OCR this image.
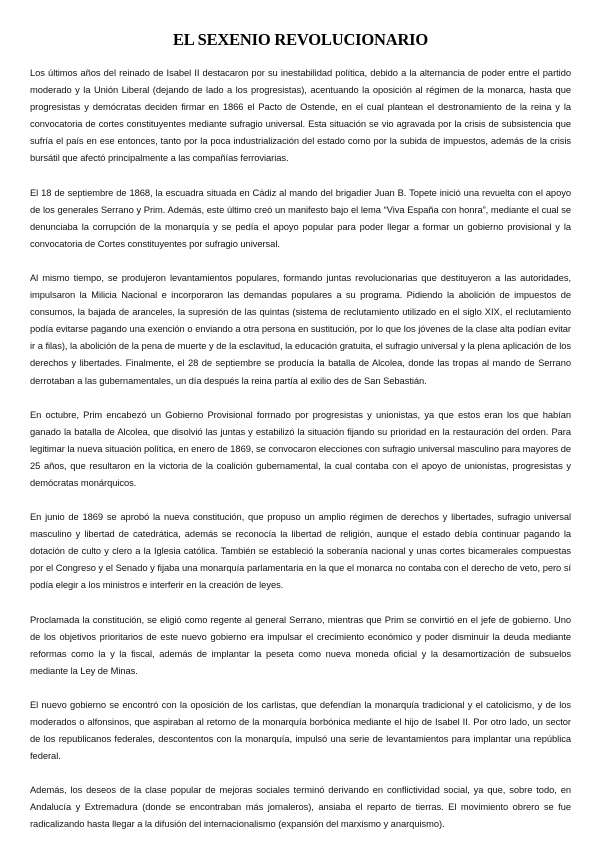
EL SEXENIO REVOLUCIONARIO

Los últimos años del reinado de Isabel II destacaron por su inestabilidad política, debido a la alternancia de poder entre el partido moderado y la Unión Liberal (dejando de lado a los progresistas), acentuando la oposición al régimen de la monarca, hasta que progresistas y demócratas deciden firmar en 1866 el Pacto de Ostende, en el cual plantean el destronamiento de la reina y la convocatoria de cortes constituyentes mediante sufragio universal. Esta situación se vio agravada por la crisis de subsistencia que sufría el país en ese entonces, tanto por la poca industrialización del estado como por la subida de impuestos, además de la crisis bursátil que afectó principalmente a las compañías ferroviarias.

El 18 de septiembre de 1868, la escuadra situada en Cádiz al mando del brigadier Juan B. Topete inició una revuelta con el apoyo de los generales Serrano y Prim. Además, este último creó un manifesto bajo el lema “Viva España con honra”, mediante el cual se denunciaba la corrupción de la monarquía y se pedía el apoyo popular para poder llegar a formar un gobierno provisional y la convocatoria de Cortes constituyentes por sufragio universal.

Al mismo tiempo, se produjeron levantamientos populares, formando juntas revolucionarias que destituyeron a las autoridades, impulsaron la Milicia Nacional e incorporaron las demandas populares a su programa. Pidiendo la abolición de impuestos de consumos, la bajada de aranceles, la supresión de las quintas (sistema de reclutamiento utilizado en el siglo XIX, el reclutamiento podía evitarse pagando una exención o enviando a otra persona en sustitución, por lo que los jóvenes de la clase alta podían evitar ir a filas), la abolición de la pena de muerte y de la esclavitud, la educación gratuita, el sufragio universal y la plena aplicación de los derechos y libertades. Finalmente, el 28 de septiembre se producía la batalla de Alcolea, donde las tropas al mando de Serrano derrotaban a las gubernamentales, un día después la reina partía al exilio des de San Sebastián.

En octubre, Prim encabezó un Gobierno Provisional formado por progresistas y unionistas, ya que estos eran los que habían ganado la batalla de Alcolea, que disolvió las juntas y estabilizó la situación fijando su prioridad en la restauración del orden. Para legitimar la nueva situación política, en enero de 1869, se convocaron elecciones con sufragio universal masculino para mayores de 25 años, que resultaron en la victoria de la coalición gubernamental, la cual contaba con el apoyo de unionistas, progresistas y demócratas monárquicos.

En junio de 1869 se aprobó la nueva constitución, que propuso un amplio régimen de derechos y libertades, sufragio universal masculino y libertad de catedrática, además se reconocía la libertad de religión, aunque el estado debía continuar pagando la dotación de culto y clero a la Iglesia católica. También se estableció la soberanía nacional y unas cortes bicamerales compuestas por el Congreso y el Senado y fijaba una monarquía parlamentaria en la que el monarca no contaba con el derecho de veto, pero sí podía elegir a los ministros e interferir en la creación de leyes.

Proclamada la constitución, se eligió como regente al general Serrano, mientras que Prim se convirtió en el jefe de gobierno. Uno de los objetivos prioritarios de este nuevo gobierno era impulsar el crecimiento económico y poder disminuir la deuda mediante reformas como la y la fiscal, además de implantar la peseta como nueva moneda oficial y la desamortización de subsuelos mediante la Ley de Minas.

El nuevo gobierno se encontró con la oposición de los carlistas, que defendían la monarquía tradicional y el catolicismo, y de los moderados o alfonsinos, que aspiraban al retorno de la monarquía borbónica mediante el hijo de Isabel II. Por otro lado, un sector de los republicanos federales, descontentos con la monarquía, impulsó una serie de levantamientos para implantar una república federal.

Además, los deseos de la clase popular de mejoras sociales terminó derivando en conflictividad social, ya que, sobre todo, en Andalucía y Extremadura (donde se encontraban más jornaleros), ansiaba el reparto de tierras. El movimiento obrero se fue radicalizando hasta llegar a la difusión del internacionalismo (expansión del marxismo y anarquismo).
